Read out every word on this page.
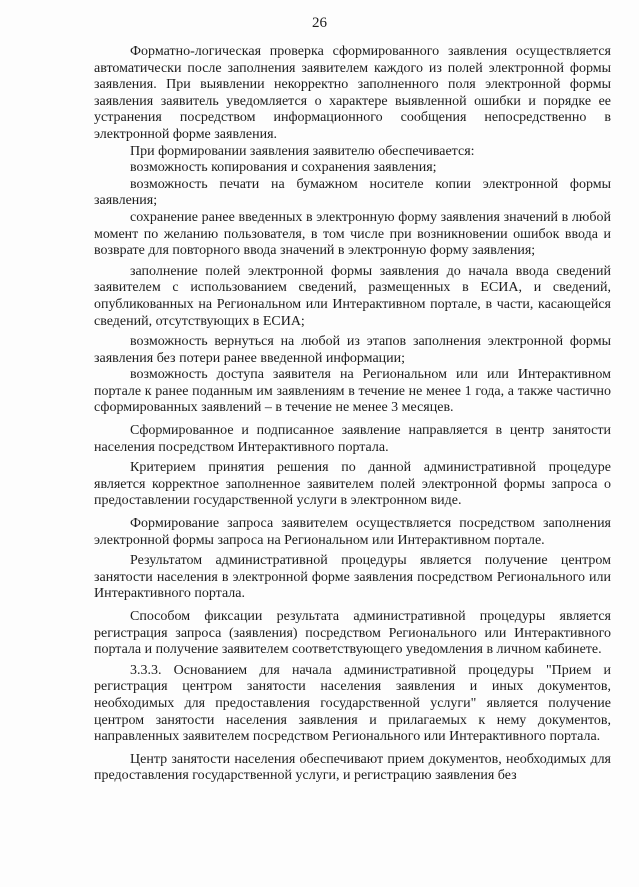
26

Форматно-логическая проверка сформированного заявления осуществляется автоматически после заполнения заявителем каждого из полей электронной формы заявления. При выявлении некорректно заполненного поля электронной формы заявления заявитель уведомляется о характере выявленной ошибки и порядке ее устранения посредством информационного сообщения непосредственно в электронной форме заявления.

При формировании заявления заявителю обеспечивается:

возможность копирования и сохранения заявления;

возможность печати на бумажном носителе копии электронной формы заявления;

сохранение ранее введенных в электронную форму заявления значений в любой момент по желанию пользователя, в том числе при возникновении ошибок ввода и возврате для повторного ввода значений в электронную форму заявления;

заполнение полей электронной формы заявления до начала ввода сведений заявителем с использованием сведений, размещенных в ЕСИА, и сведений, опубликованных на Региональном или Интерактивном портале, в части, касающейся сведений, отсутствующих в ЕСИА;

возможность вернуться на любой из этапов заполнения электронной формы заявления без потери ранее введенной информации;

возможность доступа заявителя на Региональном или или Интерактивном портале к ранее поданным им заявлениям в течение не менее 1 года, а также частично сформированных заявлений – в течение не менее 3 месяцев.

Сформированное и подписанное заявление направляется в центр занятости населения посредством Интерактивного портала.

Критерием принятия решения по данной административной процедуре является корректное заполненное заявителем полей электронной формы запроса о предоставлении государственной услуги в электронном виде.

Формирование запроса заявителем осуществляется посредством заполнения электронной формы запроса на Региональном или Интерактивном портале.

Результатом административной процедуры является получение центром занятости населения в электронной форме заявления посредством Регионального или Интерактивного портала.

Способом фиксации результата административной процедуры является регистрация запроса (заявления) посредством Регионального или Интерактивного портала и получение заявителем соответствующего уведомления в личном кабинете.

3.3.3. Основанием для начала административной процедуры "Прием и регистрация центром занятости населения заявления и иных документов, необходимых для предоставления государственной услуги" является получение центром занятости населения заявления и прилагаемых к нему документов, направленных заявителем посредством Регионального или Интерактивного портала.

Центр занятости населения обеспечивают прием документов, необходимых для предоставления государственной услуги, и регистрацию заявления без
